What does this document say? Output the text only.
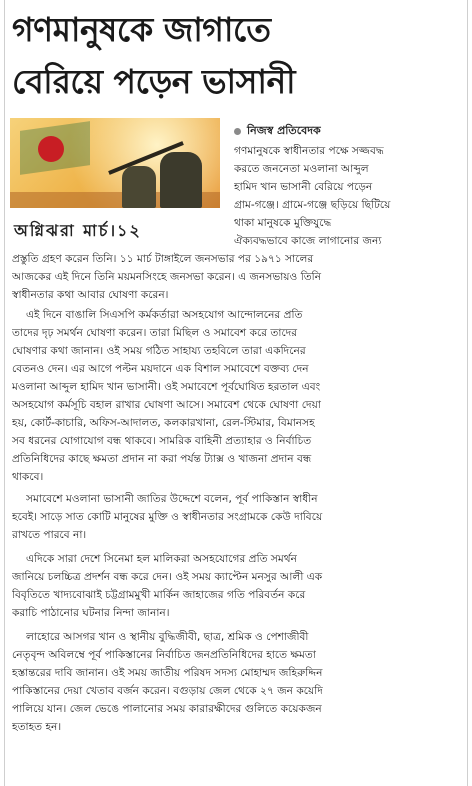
গণমানুষকে জাগাতে
বেরিয়ে পড়েন ভাসানী
অগ্নিঝরা মার্চ।১২
নিজস্ব প্রতিবেদক
গণমানুষকে স্বাধীনতার পক্ষে সজ্জবদ্ধ
করতে জননেতা মওলানা আব্দুল
হামিদ খান ভাসানী বেরিয়ে পড়েন
গ্রাম-গঞ্জে। গ্রামে-গঞ্জে ছড়িয়ে ছিটিয়ে
থাকা মানুষকে মুক্তিযুদ্ধে
ঐক্যবদ্ধভাবে কাজে লাগানোর জন্য
প্রস্তুতি গ্রহণ করেন তিনি। ১১ মার্চ টাঙ্গাইলে জনসভার পর ১৯৭১ সালের
আজকের এই দিনে তিনি ময়মনসিংহে জনসভা করেন। এ জনসভায়ও তিনি
স্বাধীনতার কথা আবার ঘোষণা করেন।
এই দিনে বাঙালি সিএসপি কর্মকর্তারা অসহযোগ আন্দোলনের প্রতি
তাদের দৃঢ় সমর্থন ঘোষণা করেন। তারা মিছিল ও সমাবেশ করে তাদের
ঘোষণার কথা জানান। ওই সময় গঠিত সাহায্য তহবিলে তারা একদিনের
বেতনও দেন। এর আগে পল্টন ময়দানে এক বিশাল সমাবেশে বক্তব্য দেন
মওলানা আব্দুল হামিদ খান ভাসানী। ওই সমাবেশে পূর্বঘোষিত হরতাল এবং
অসহযোগ কর্মসূচি বহাল রাখার ঘোষণা আসে। সমাবেশ থেকে ঘোষণা দেয়া
হয়, কোর্ট-কাচারি, অফিস-আদালত, কলকারখানা, রেল-স্টিমার, বিমানসহ
সব ধরনের যোগাযোগ বন্ধ থাকবে। সামরিক বাহিনী প্রত্যাহার ও নির্বাচিত
প্রতিনিধিদের কাছে ক্ষমতা প্রদান না করা পর্যন্ত ট্যাক্স ও খাজনা প্রদান বন্ধ
থাকবে।
সমাবেশে মওলানা ভাসানী জাতির উদ্দেশে বলেন, পূর্ব পাকিস্তান স্বাধীন
হবেই। সাড়ে সাত কোটি মানুষের মুক্তি ও স্বাধীনতার সংগ্রামকে কেউ দাবিয়ে
রাখতে পারবে না।
এদিকে সারা দেশে সিনেমা হল মালিকরা অসহযোগের প্রতি সমর্থন
জানিয়ে চলচ্চিত্র প্রদর্শন বন্ধ করে দেন। ওই সময় ক্যাপ্টেন মনসুর আলী এক
বিবৃতিতে খাদ্যবোঝাই চট্টগ্রামমুখী মার্কিন জাহাজের গতি পরিবর্তন করে
করাচি পাঠানোর ঘটনার নিন্দা জানান।
লাহোরে আসগর খান ও স্থানীয় বুদ্ধিজীবী, ছাত্র, শ্রমিক ও পেশাজীবী
নেতৃবৃন্দ অবিলম্বে পূর্ব পাকিস্তানের নির্বাচিত জনপ্রতিনিধিদের হাতে ক্ষমতা
হস্তান্তরের দাবি জানান। ওই সময় জাতীয় পরিষদ সদস্য মোহাম্মদ জহিরুদ্দিন
পাকিস্তানের দেয়া খেতাব বর্জন করেন। বগুড়ায় জেল থেকে ২৭ জন কয়েদি
পালিয়ে যান। জেল ভেঙে পালানোর সময় কারারক্ষীদের গুলিতে কয়েকজন
হতাহত হন।
